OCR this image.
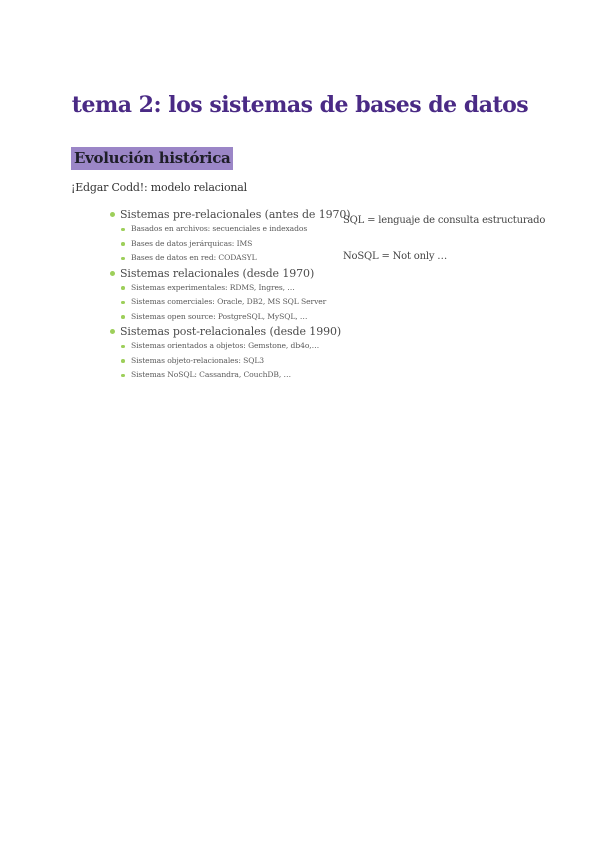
tema 2: los sistemas de bases de datos
Evolución histórica

¡Edgar Codd!: modelo relacional

Sistemas pre-relacionales (antes de 1970)
Basados en archivos: secuenciales e indexados
Bases de datos jerárquicas: IMS
Bases de datos en red: CODASYL
Sistemas relacionales (desde 1970)
Sistemas experimentales: RDMS, Ingres, …
Sistemas comerciales: Oracle, DB2, MS SQL Server
Sistemas open source: PostgreSQL, MySQL, …
Sistemas post-relacionales (desde 1990)
Sistemas orientados a objetos: Gemstone, db4o,…
Sistemas objeto-relacionales: SQL3
Sistemas NoSQL: Cassandra, CouchDB, …

SQL = lenguaje de consulta estructurado

NoSQL = Not only …
